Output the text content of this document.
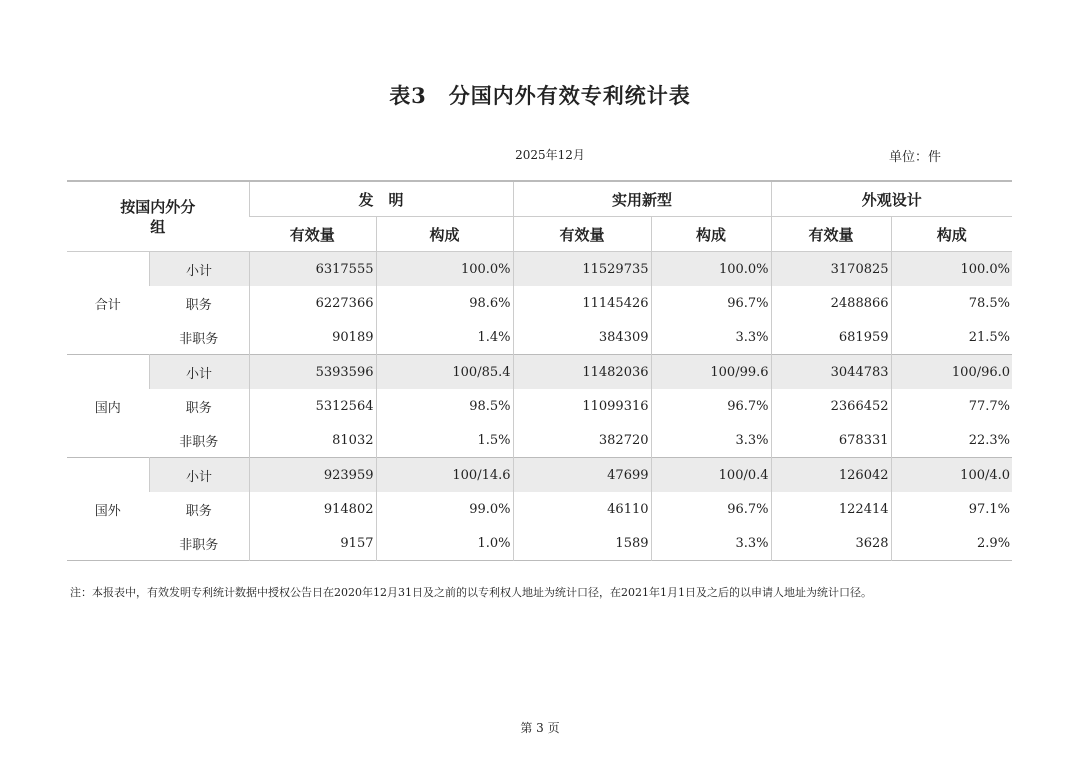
表3　分国内外有效专利统计表
2025年12月	单位：件
按国内外分组		发　明		实用新型		外观设计	
		有效量	构成	有效量	构成	有效量	构成
合计	小计	6317555	100.0%	11529735	100.0%	3170825	100.0%
	职务	6227366	98.6%	11145426	96.7%	2488866	78.5%
	非职务	90189	1.4%	384309	3.3%	681959	21.5%
国内	小计	5393596	100/85.4	11482036	100/99.6	3044783	100/96.0
	职务	5312564	98.5%	11099316	96.7%	2366452	77.7%
	非职务	81032	1.5%	382720	3.3%	678331	22.3%
国外	小计	923959	100/14.6	47699	100/0.4	126042	100/4.0
	职务	914802	99.0%	46110	96.7%	122414	97.1%
	非职务	9157	1.0%	1589	3.3%	3628	2.9%
注：本报表中，有效发明专利统计数据中授权公告日在2020年12月31日及之前的以专利权人地址为统计口径，在2021年1月1日及之后的以申请人地址为统计口径。
第 3 页
